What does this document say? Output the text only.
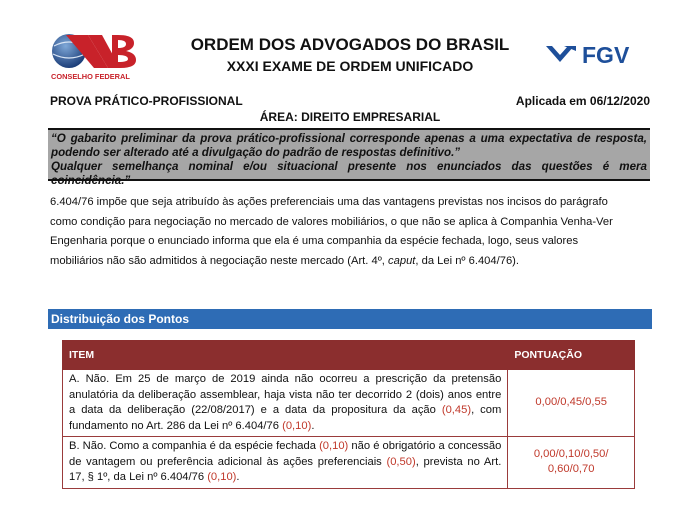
CONSELHO FEDERAL
FGV
ORDEM DOS ADVOGADOS DO BRASIL
XXXI EXAME DE ORDEM UNIFICADO
PROVA PRÁTICO-PROFISSIONAL	Aplicada em 06/12/2020
ÁREA: DIREITO EMPRESARIAL

“O gabarito preliminar da prova prático-profissional corresponde apenas a uma expectativa de resposta,

podendo ser alterado até a divulgação do padrão de respostas definitivo.”

Qualquer semelhança nominal e/ou situacional presente nos enunciados das questões é mera coincidência.”

6.404/76 impõe que seja atribuído às ações preferenciais uma das vantagens previstas nos incisos do parágrafo

como condição para negociação no mercado de valores mobiliários, o que não se aplica à Companhia Venha-Ver

Engenharia porque o enunciado informa que ela é uma companhia da espécie fechada, logo, seus valores

mobiliários não são admitidos à negociação neste mercado (Art. 4º, caput, da Lei nº 6.404/76).

Distribuição dos Pontos
ITEM	PONTUAÇÃO
A. Não. Em 25 de março de 2019 ainda não ocorreu a prescrição da pretensão anulatória da deliberação assemblear, haja vista não ter decorrido 2 (dois) anos entre a data da deliberação (22/08/2017) e a data da propositura da ação (0,45), com fundamento no Art. 286 da Lei nº 6.404/76 (0,10).	0,00/0,45/0,55
B. Não. Como a companhia é da espécie fechada (0,10) não é obrigatório a concessão de vantagem ou preferência adicional às ações preferenciais (0,50), prevista no Art. 17, § 1º, da Lei nº 6.404/76 (0,10).	0,00/0,10/0,50/
0,60/0,70
